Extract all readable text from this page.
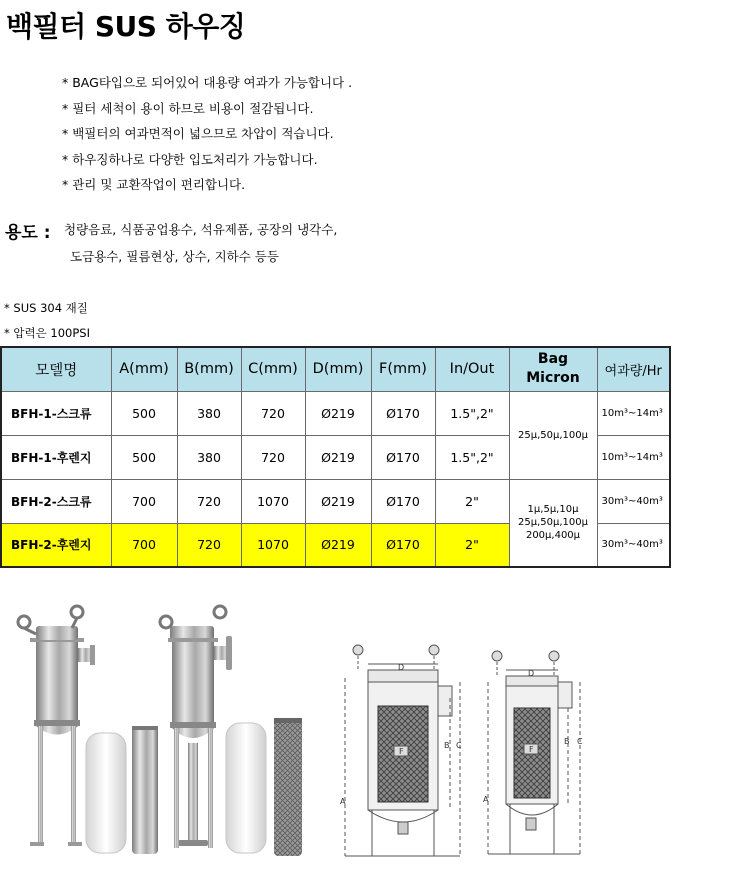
백필터 SUS 하우징
* BAG타입으로 되어있어 대용량 여과가 가능합니다 .
* 필터 세척이 용이 하므로 비용이 절감됩니다.
* 백필터의 여과면적이 넓으므로 차압이 적습니다.
* 하우징하나로 다양한 입도처리가 가능합니다.
* 관리 및 교환작업이 편리합니다.
용도 : 청량음료, 식품공업용수, 석유제품, 공장의 냉각수,
도금용수, 필름현상, 상수, 지하수 등등
* SUS 304 재질
* 압력은 100PSI
모델명	A(mm)	B(mm)	C(mm)	D(mm)	F(mm)	In/Out	Bag
Micron	여과량/Hr
BFH-1-스크류	500	380	720	Ø219	Ø170	1.5",2"	25μ,50μ,100μ	10m³~14m³
BFH-1-후렌지	500	380	720	Ø219	Ø170	1.5",2"		10m³~14m³
BFH-2-스크류	700	720	1070	Ø219	Ø170	2"	1μ,5μ,10μ
25μ,50μ,100μ
200μ,400μ	30m³~40m³
BFH-2-후렌지	700	720	1070	Ø219	Ø170	2"		30m³~40m³
D
F
A
B C
D
F
A
B C
